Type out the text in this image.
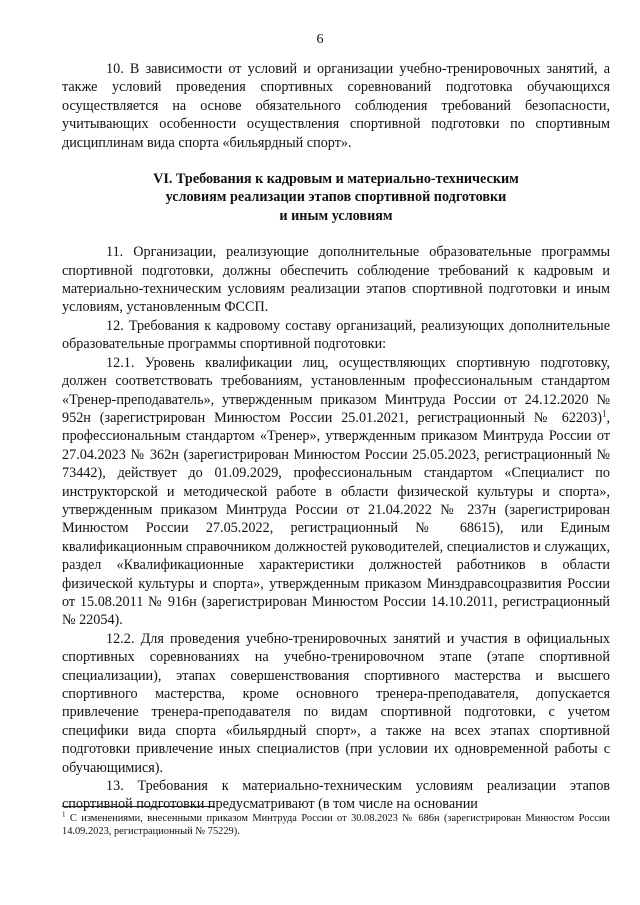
6

10. В зависимости от условий и организации учебно-тренировочных занятий, а также условий проведения спортивных соревнований подготовка обучающихся осуществляется на основе обязательного соблюдения требований безопасности, учитывающих особенности осуществления спортивной подготовки по спортивным дисциплинам вида спорта «бильярдный спорт».

VI. Требования к кадровым и материально-техническим
условиям реализации этапов спортивной подготовки
и иным условиям

11. Организации, реализующие дополнительные образовательные программы спортивной подготовки, должны обеспечить соблюдение требований к кадровым и материально-техническим условиям реализации этапов спортивной подготовки и иным условиям, установленным ФССП.

12. Требования к кадровому составу организаций, реализующих дополнительные образовательные программы спортивной подготовки:

12.1. Уровень квалификации лиц, осуществляющих спортивную подготовку, должен соответствовать требованиям, установленным профессиональным стандартом «Тренер-преподаватель», утвержденным приказом Минтруда России от 24.12.2020 № 952н (зарегистрирован Минюстом России 25.01.2021, регистрационный № 62203)$^1$, профессиональным стандартом «Тренер», утвержденным приказом Минтруда России от 27.04.2023 № 362н (зарегистрирован Минюстом России 25.05.2023, регистрационный № 73442), действует до 01.09.2029, профессиональным стандартом «Специалист по инструкторской и методической работе в области физической культуры и спорта», утвержденным приказом Минтруда России от 21.04.2022 № 237н (зарегистрирован Минюстом России 27.05.2022, регистрационный № 68615), или Единым квалификационным справочником должностей руководителей, специалистов и служащих, раздел «Квалификационные характеристики должностей работников в области физической культуры и спорта», утвержденным приказом Минздравсоцразвития России от 15.08.2011 № 916н (зарегистрирован Минюстом России 14.10.2011, регистрационный № 22054).

12.2. Для проведения учебно-тренировочных занятий и участия в официальных спортивных соревнованиях на учебно-тренировочном этапе (этапе спортивной специализации), этапах совершенствования спортивного мастерства и высшего спортивного мастерства, кроме основного тренера-преподавателя, допускается привлечение тренера-преподавателя по видам спортивной подготовки, с учетом специфики вида спорта «бильярдный спорт», а также на всех этапах спортивной подготовки привлечение иных специалистов (при условии их одновременной работы с обучающимися).

13. Требования к материально-техническим условиям реализации этапов спортивной подготовки предусматривают (в том числе на основании

$^1$ С изменениями, внесенными приказом Минтруда России от 30.08.2023 № 686н (зарегистрирован Минюстом России 14.09.2023, регистрационный № 75229).
